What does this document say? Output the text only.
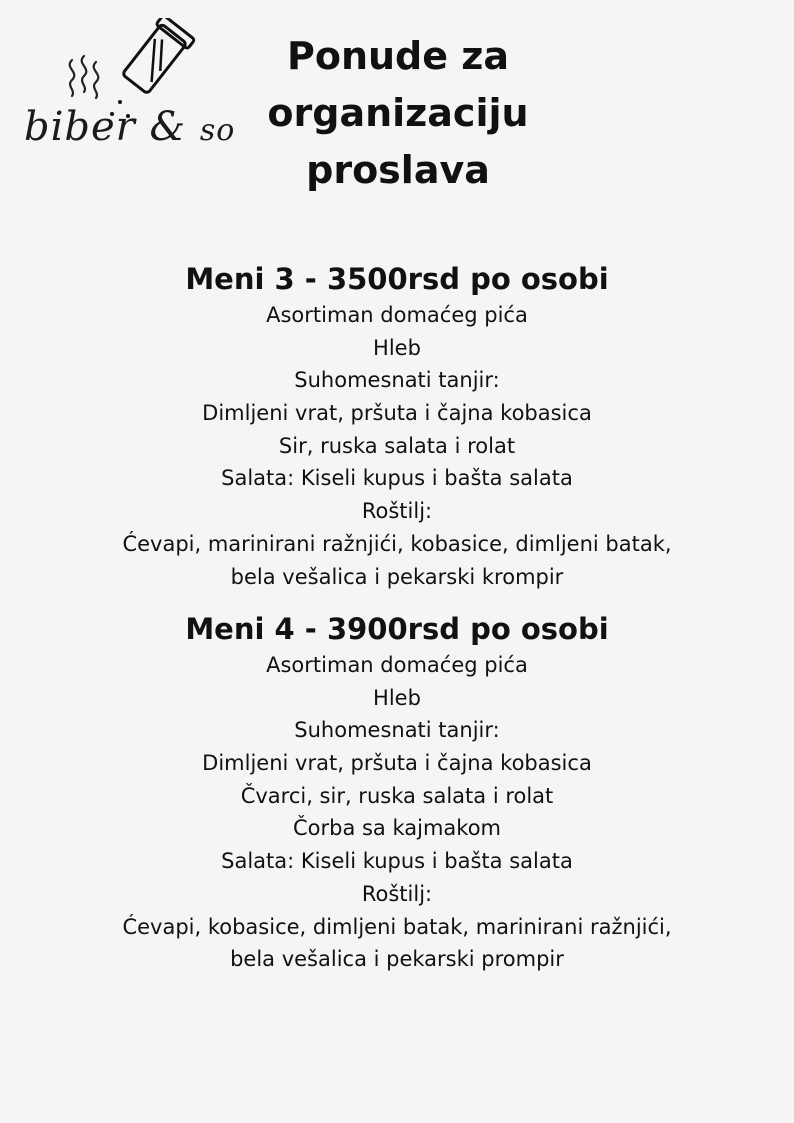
biber & so
Ponude za
organizaciju
proslava
Meni 3 - 3500rsd po osobi
Asortiman domaćeg pića
Hleb
Suhomesnati tanjir:
Dimljeni vrat, pršuta i čajna kobasica
Sir, ruska salata i rolat
Salata: Kiseli kupus i bašta salata
Roštilj:
Ćevapi, marinirani ražnjići, kobasice, dimljeni batak,
bela vešalica i pekarski krompir
Meni 4 - 3900rsd po osobi
Asortiman domaćeg pića
Hleb
Suhomesnati tanjir:
Dimljeni vrat, pršuta i čajna kobasica
Čvarci, sir, ruska salata i rolat
Čorba sa kajmakom
Salata: Kiseli kupus i bašta salata
Roštilj:
Ćevapi, kobasice, dimljeni batak, marinirani ražnjići,
bela vešalica i pekarski prompir
